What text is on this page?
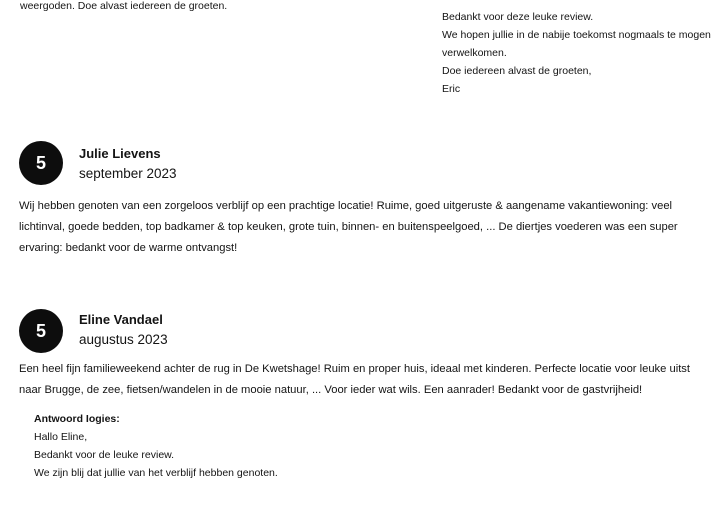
weergoden. Doe alvast iedereen de groeten.
Bedankt voor deze leuke review.
We hopen jullie in de nabije toekomst nogmaals te mogen
verwelkomen.
Doe iedereen alvast de groeten,
Eric
5	Julie Lievens
september 2023
Wij hebben genoten van een zorgeloos verblijf op een prachtige locatie! Ruime, goed uitgeruste & aangename vakantiewoning: veel
lichtinval, goede bedden, top badkamer & top keuken, grote tuin, binnen- en buitenspeelgoed, ... De diertjes voederen was een super
ervaring: bedankt voor de warme ontvangst!
5
Eline Vandael
augustus 2023
Een heel fijn familieweekend achter de rug in De Kwetshage! Ruim en proper huis, ideaal met kinderen. Perfecte locatie voor leuke uitst
naar Brugge, de zee, fietsen/wandelen in de mooie natuur, ... Voor ieder wat wils. Een aanrader! Bedankt voor de gastvrijheid!
Antwoord Iogies:
Hallo Eline,
Bedankt voor de leuke review.
We zijn blij dat jullie van het verblijf hebben genoten.
